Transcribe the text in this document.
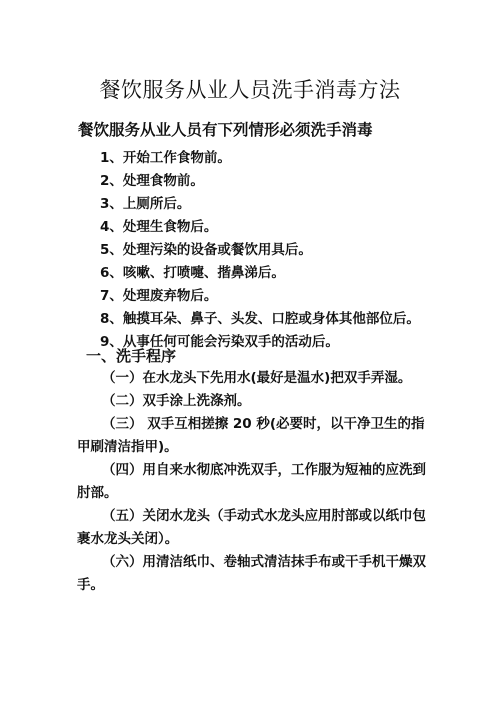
餐饮服务从业人员洗手消毒方法
餐饮服务从业人员有下列情形必须洗手消毒
1、开始工作食物前。
2、处理食物前。
3、上厕所后。
4、处理生食物后。
5、处理污染的设备或餐饮用具后。
6、咳嗽、打喷嚏、揩鼻涕后。
7、处理废弃物后。
8、触摸耳朵、鼻子、头发、口腔或身体其他部位后。
9、从事任何可能会污染双手的活动后。
一、洗手程序
（一）在水龙头下先用水(最好是温水)把双手弄湿。
（二）双手涂上洗涤剂。
（三） 双手互相搓擦 20 秒(必要时，以干净卫生的指
甲刷清洁指甲)。
（四）用自来水彻底冲洗双手，工作服为短袖的应洗到
肘部。
（五）关闭水龙头（手动式水龙头应用肘部或以纸巾包
裹水龙头关闭）。
（六）用清洁纸巾、卷轴式清洁抹手布或干手机干燥双
手。
